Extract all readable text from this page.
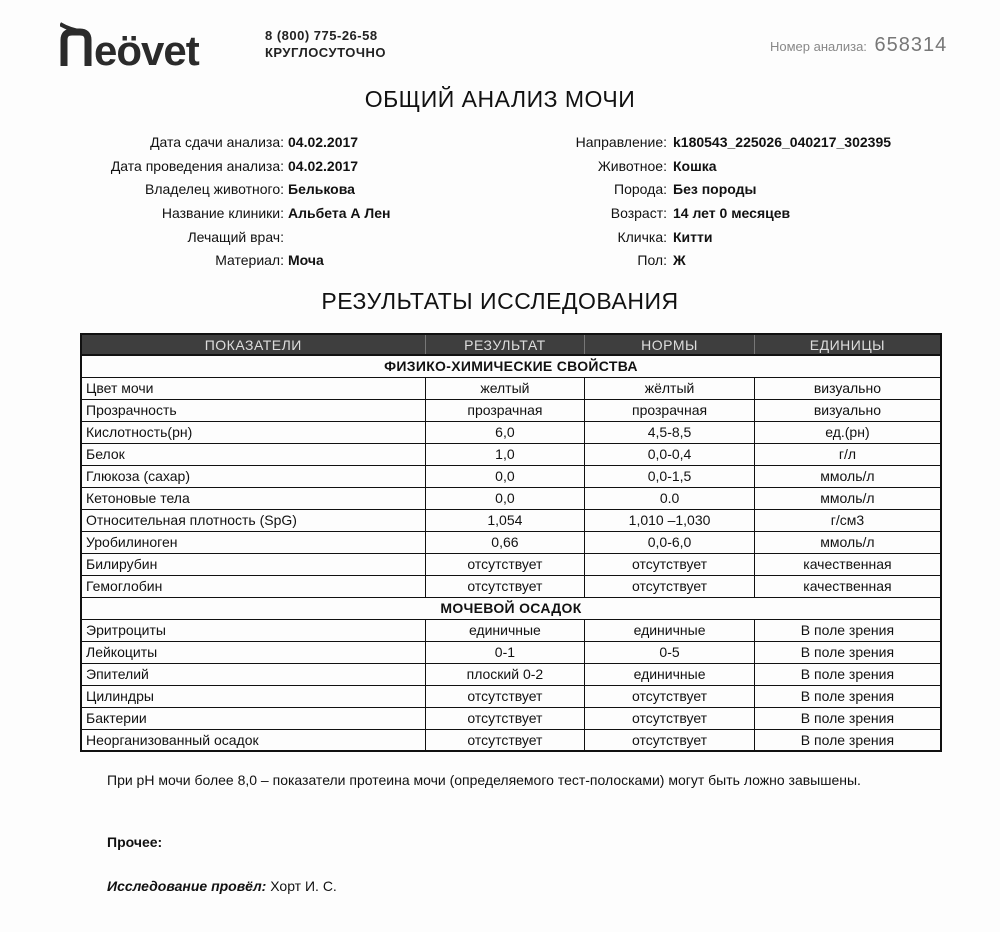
eövet	8 (800) 775-26-58
КРУГЛОСУТОЧНО	Номер анализа: 658314
ОБЩИЙ АНАЛИЗ МОЧИ
Дата сдачи анализа: 04.02.2017
Дата проведения анализа: 04.02.2017
Владелец животного: Белькова
Название клиники: Альбета А Лен
Лечащий врач:
Материал: Моча
Направление: k180543_225026_040217_302395
Животное: Кошка
Порода: Без породы
Возраст: 14 лет 0 месяцев
Кличка: Китти
Пол: Ж
РЕЗУЛЬТАТЫ ИССЛЕДОВАНИЯ
ПОКАЗАТЕЛИ	РЕЗУЛЬТАТ	НОРМЫ	ЕДИНИЦЫ
ФИЗИКО-ХИМИЧЕСКИЕ СВОЙСТВА			
Цвет мочи	желтый	жёлтый	визуально
Прозрачность	прозрачная	прозрачная	визуально
Кислотность(рн)	6,0	4,5-8,5	ед.(рн)
Белок	1,0	0,0-0,4	г/л
Глюкоза (сахар)	0,0	0,0-1,5	ммоль/л
Кетоновые тела	0,0	0.0	ммоль/л
Относительная плотность (SpG)	1,054	1,010 –1,030	г/см3
Уробилиноген	0,66	0,0-6,0	ммоль/л
Билирубин	отсутствует	отсутствует	качественная
Гемоглобин	отсутствует	отсутствует	качественная
МОЧЕВОЙ ОСАДОК			
Эритроциты	единичные	единичные	В поле зрения
Лейкоциты	0-1	0-5	В поле зрения
Эпителий	плоский 0-2	единичные	В поле зрения
Цилиндры	отсутствует	отсутствует	В поле зрения
Бактерии	отсутствует	отсутствует	В поле зрения
Неорганизованный осадок	отсутствует	отсутствует	В поле зрения
При pH мочи более 8,0 – показатели протеина мочи (определяемого тест-полосками) могут быть ложно завышены.
Прочее:
Исследование провёл: Хорт И. С.
